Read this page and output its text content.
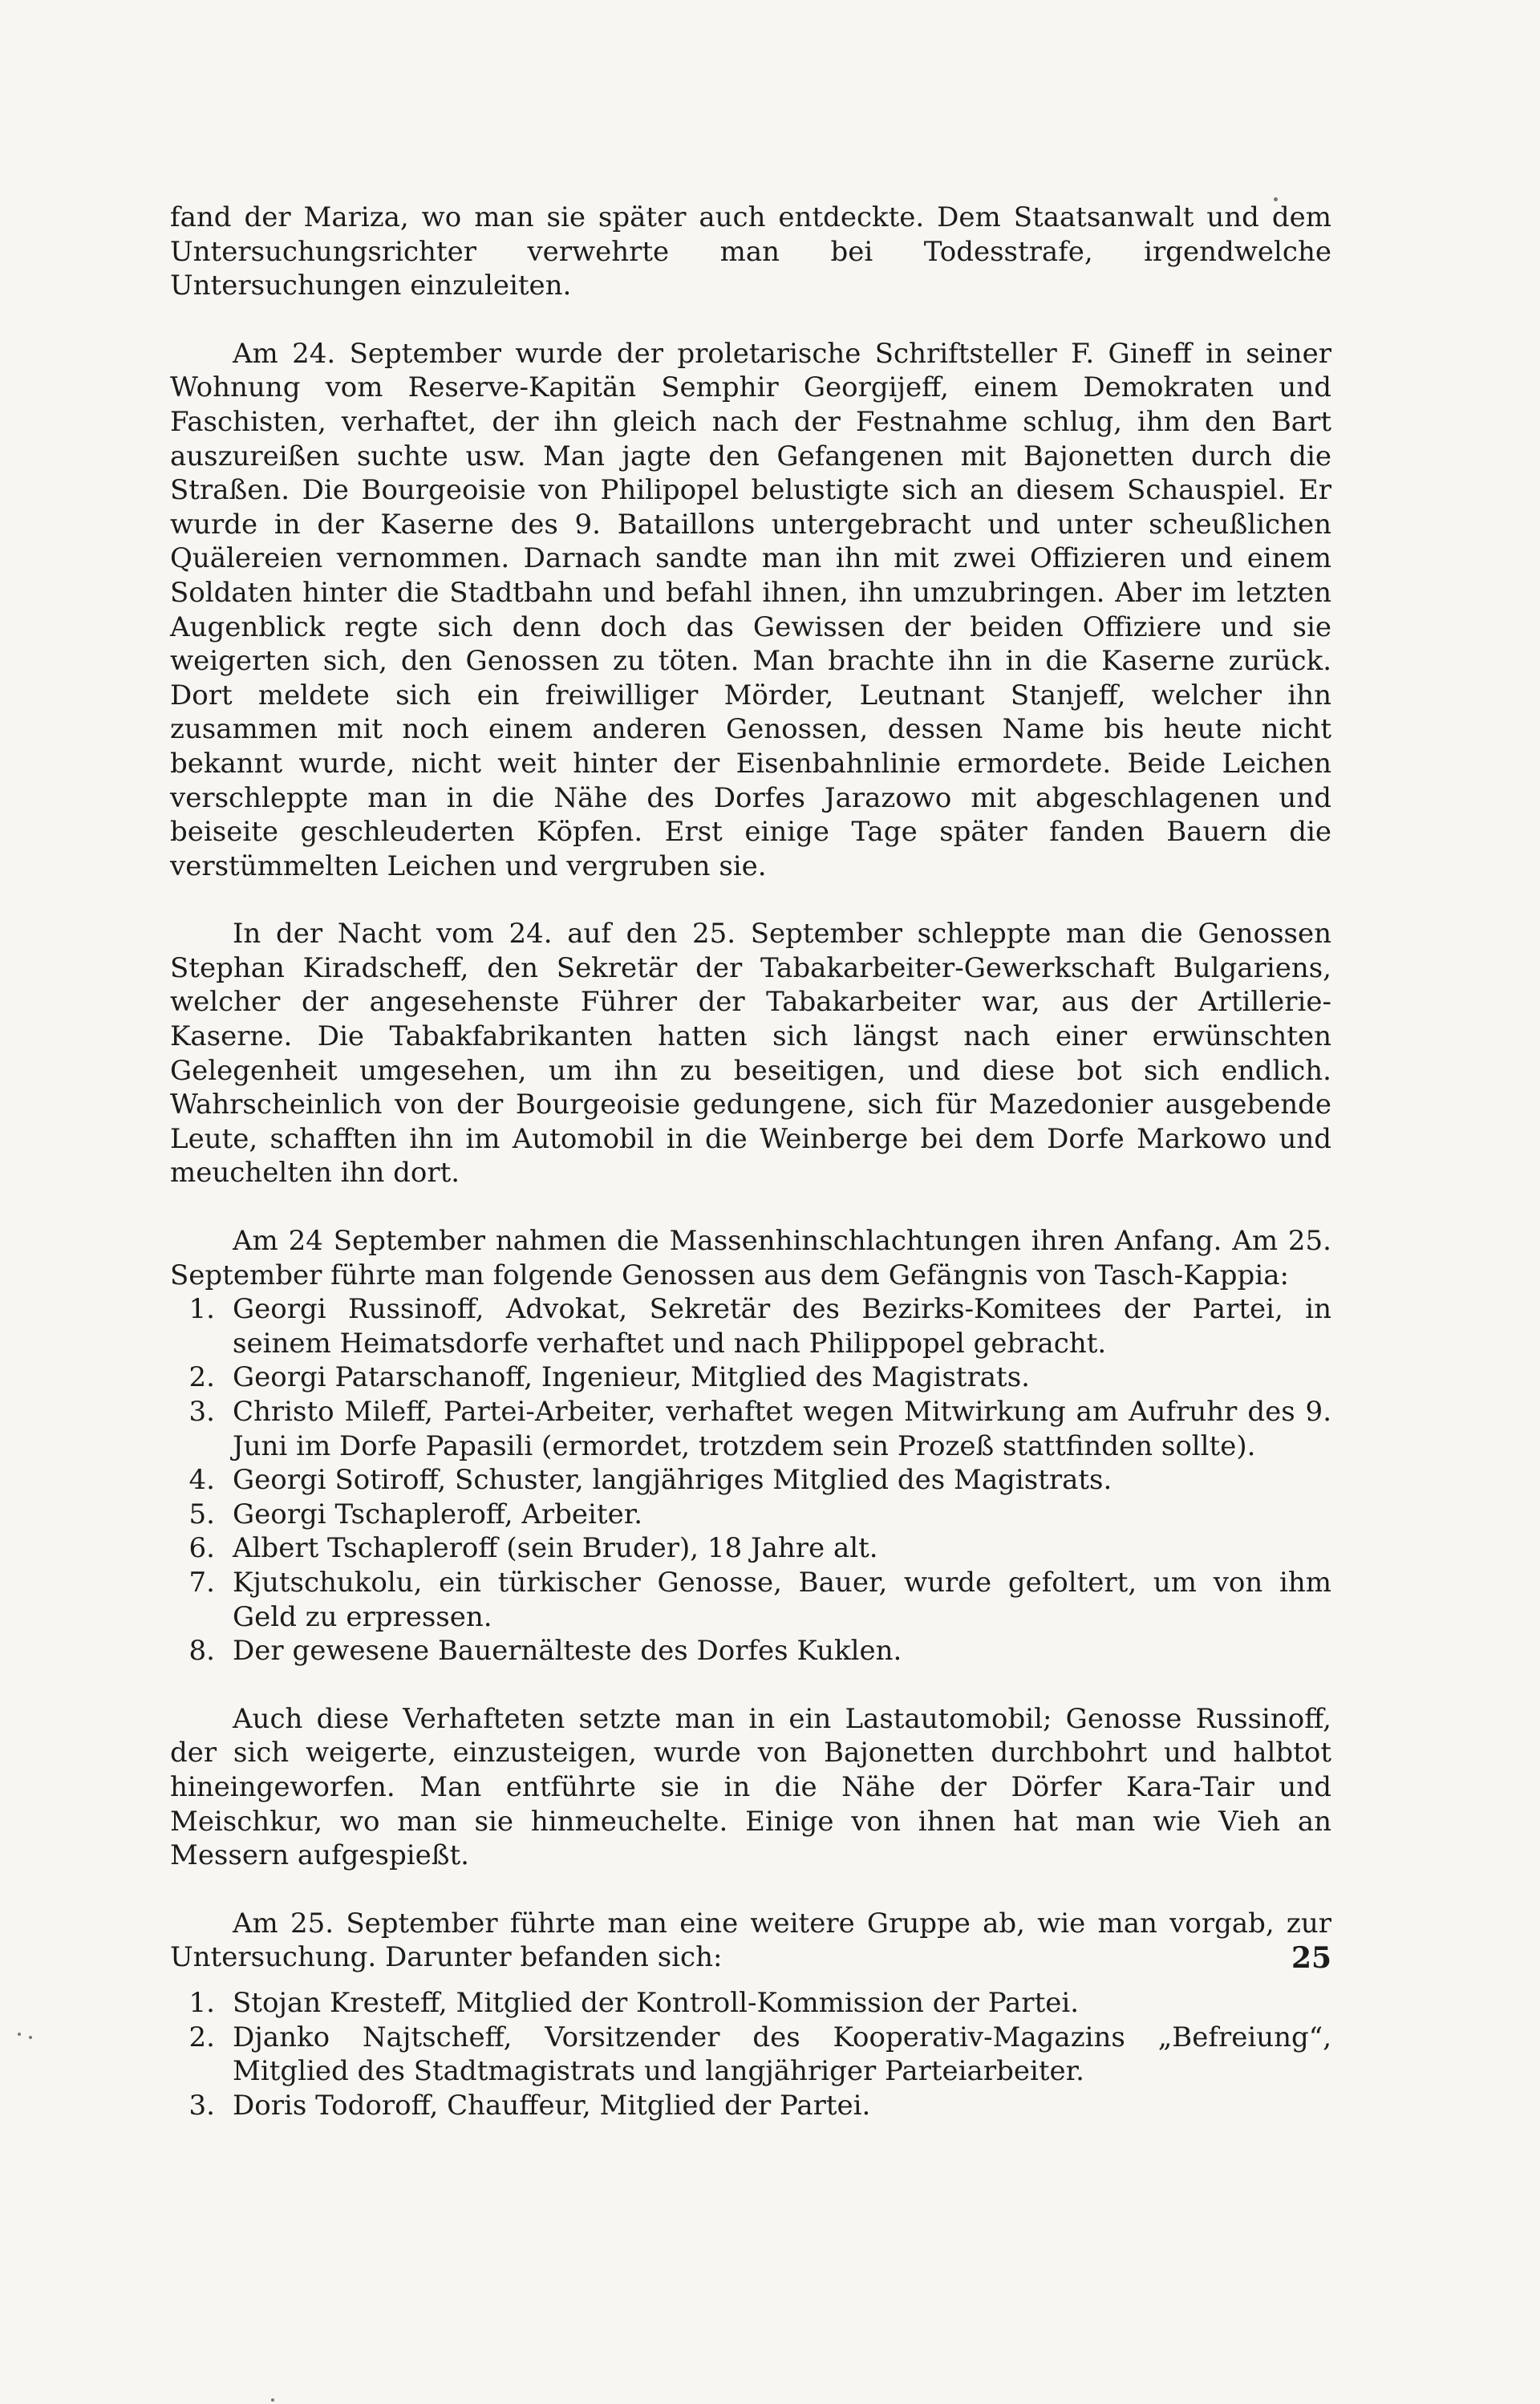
fand der Mariza, wo man sie später auch entdeckte. Dem Staatsanwalt und dem Untersuchungsrichter verwehrte man bei Todesstrafe, irgendwelche Untersuchungen einzuleiten.

Am 24. September wurde der proletarische Schriftsteller F. Gineff in seiner Wohnung vom Reserve-Kapitän Semphir Georgijeff, einem Demokraten und Faschisten, verhaftet, der ihn gleich nach der Festnahme schlug, ihm den Bart auszureißen suchte usw. Man jagte den Gefangenen mit Bajonetten durch die Straßen. Die Bourgeoisie von Philipopel belustigte sich an diesem Schauspiel. Er wurde in der Kaserne des 9. Bataillons untergebracht und unter scheußlichen Quälereien vernommen. Darnach sandte man ihn mit zwei Offizieren und einem Soldaten hinter die Stadtbahn und befahl ihnen, ihn umzubringen. Aber im letzten Augenblick regte sich denn doch das Gewissen der beiden Offiziere und sie weigerten sich, den Genossen zu töten. Man brachte ihn in die Kaserne zurück. Dort meldete sich ein freiwilliger Mörder, Leutnant Stanjeff, welcher ihn zusammen mit noch einem anderen Genossen, dessen Name bis heute nicht bekannt wurde, nicht weit hinter der Eisenbahnlinie ermordete. Beide Leichen verschleppte man in die Nähe des Dorfes Jarazowo mit abgeschlagenen und beiseite geschleuderten Köpfen. Erst einige Tage später fanden Bauern die verstümmelten Leichen und vergruben sie.

In der Nacht vom 24. auf den 25. September schleppte man die Genossen Stephan Kiradscheff, den Sekretär der Tabakarbeiter-Gewerkschaft Bulgariens, welcher der angesehenste Führer der Tabakarbeiter war, aus der Artillerie-Kaserne. Die Tabakfabrikanten hatten sich längst nach einer erwünschten Gelegenheit umgesehen, um ihn zu beseitigen, und diese bot sich endlich. Wahrscheinlich von der Bourgeoisie gedungene, sich für Mazedonier ausgebende Leute, schafften ihn im Automobil in die Weinberge bei dem Dorfe Markowo und meuchelten ihn dort.

Am 24 September nahmen die Massenhinschlachtungen ihren Anfang. Am 25. September führte man folgende Genossen aus dem Gefängnis von Tasch-Kappia:

1. Georgi Russinoff, Advokat, Sekretär des Bezirks-Komitees der Partei, in seinem Heimatsdorfe verhaftet und nach Philippopel gebracht.
2. Georgi Patarschanoff, Ingenieur, Mitglied des Magistrats.
3. Christo Mileff, Partei-Arbeiter, verhaftet wegen Mitwirkung am Aufruhr des 9. Juni im Dorfe Papasili (ermordet, trotzdem sein Prozeß stattfinden sollte).
4. Georgi Sotiroff, Schuster, langjähriges Mitglied des Magistrats.
5. Georgi Tschapleroff, Arbeiter.
6. Albert Tschapleroff (sein Bruder), 18 Jahre alt.
7. Kjutschukolu, ein türkischer Genosse, Bauer, wurde gefoltert, um von ihm Geld zu erpressen.
8. Der gewesene Bauernälteste des Dorfes Kuklen.

Auch diese Verhafteten setzte man in ein Lastautomobil; Genosse Russinoff, der sich weigerte, einzusteigen, wurde von Bajonetten durchbohrt und halbtot hineingeworfen. Man entführte sie in die Nähe der Dörfer Kara-Tair und Meischkur, wo man sie hinmeuchelte. Einige von ihnen hat man wie Vieh an Messern aufgespießt.

Am 25. September führte man eine weitere Gruppe ab, wie man vorgab, zur Untersuchung. Darunter befanden sich:

1. Stojan Kresteff, Mitglied der Kontroll-Kommission der Partei.
2. Djanko Najtscheff, Vorsitzender des Kooperativ-Magazins „Befreiung“, Mitglied des Stadtmagistrats und langjähriger Parteiarbeiter.
3. Doris Todoroff, Chauffeur, Mitglied der Partei.
25
